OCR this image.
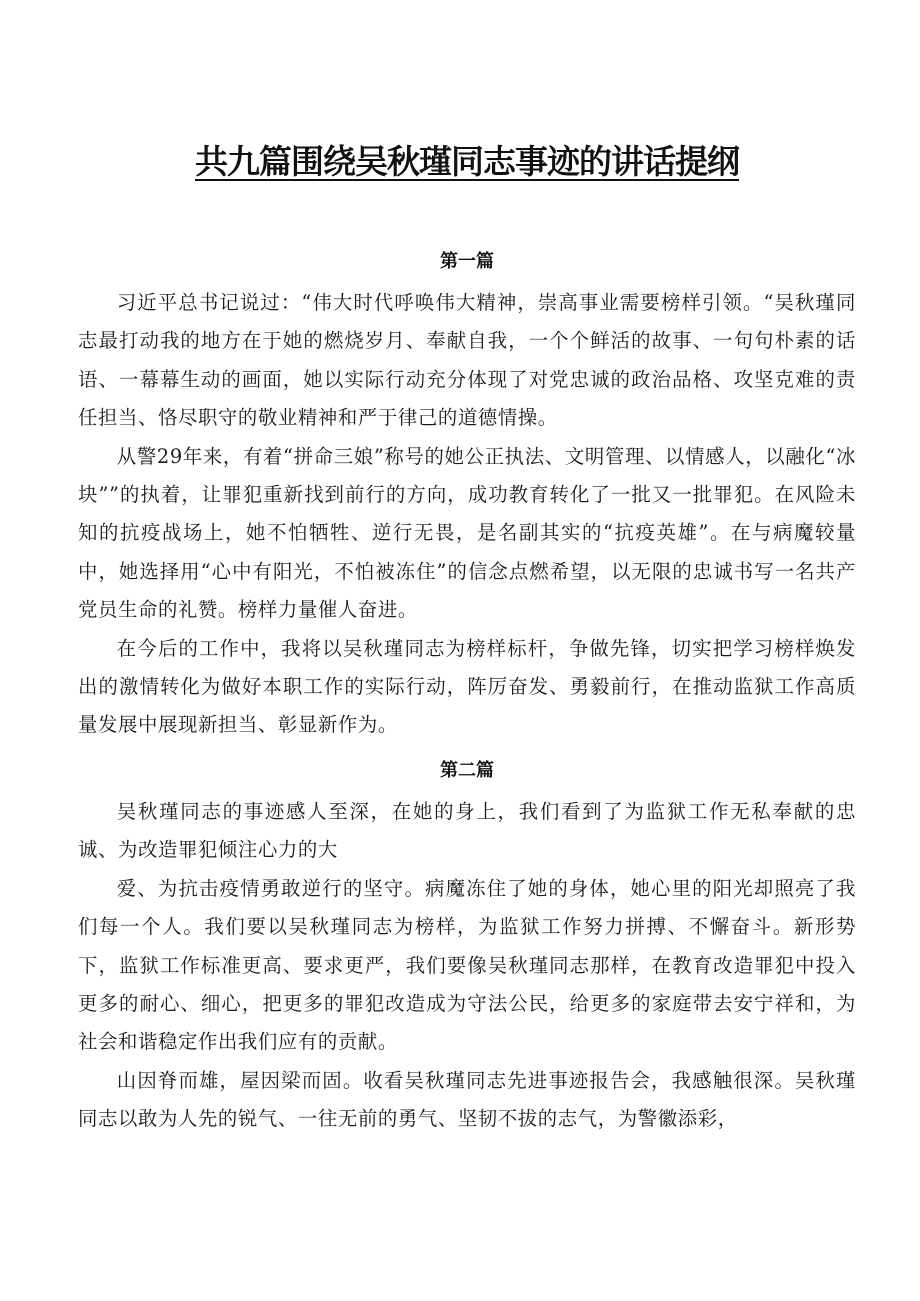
共九篇围绕吴秋瑾同志事迹的讲话提纲
第一篇

习近平总书记说过：“伟大时代呼唤伟大精神，崇高事业需要榜样引领。“吴秋瑾同志最打动我的地方在于她的燃烧岁月、奉献自我，一个个鲜活的故事、一句句朴素的话语、一幕幕生动的画面，她以实际行动充分体现了对党忠诚的政治品格、攻坚克难的责任担当、恪尽职守的敬业精神和严于律己的道德情操。

从警29年来，有着“拼命三娘”称号的她公正执法、文明管理、以情感人，以融化“冰块””的执着，让罪犯重新找到前行的方向，成功教育转化了一批又一批罪犯。在风险未知的抗疫战场上，她不怕牺牲、逆行无畏，是名副其实的“抗疫英雄”。在与病魔较量中，她选择用“心中有阳光，不怕被冻住”的信念点燃希望，以无限的忠诚书写一名共产党员生命的礼赞。榜样力量催人奋进。

在今后的工作中，我将以吴秋瑾同志为榜样标杆，争做先锋，切实把学习榜样焕发出的激情转化为做好本职工作的实际行动，阵厉奋发、勇毅前行，在推动监狱工作高质量发展中展现新担当、彰显新作为。

第二篇

吴秋瑾同志的事迹感人至深，在她的身上，我们看到了为监狱工作无私奉献的忠诚、为改造罪犯倾注心力的大

爱、为抗击疫情勇敢逆行的坚守。病魔冻住了她的身体，她心里的阳光却照亮了我们每一个人。我们要以吴秋瑾同志为榜样，为监狱工作努力拼搏、不懈奋斗。新形势下，监狱工作标准更高、要求更严，我们要像吴秋瑾同志那样，在教育改造罪犯中投入更多的耐心、细心，把更多的罪犯改造成为守法公民，给更多的家庭带去安宁祥和，为社会和谐稳定作出我们应有的贡献。

山因脊而雄，屋因梁而固。收看吴秋瑾同志先进事迹报告会，我感触很深。吴秋瑾同志以敢为人先的锐气、一往无前的勇气、坚韧不拔的志气，为警徽添彩，
